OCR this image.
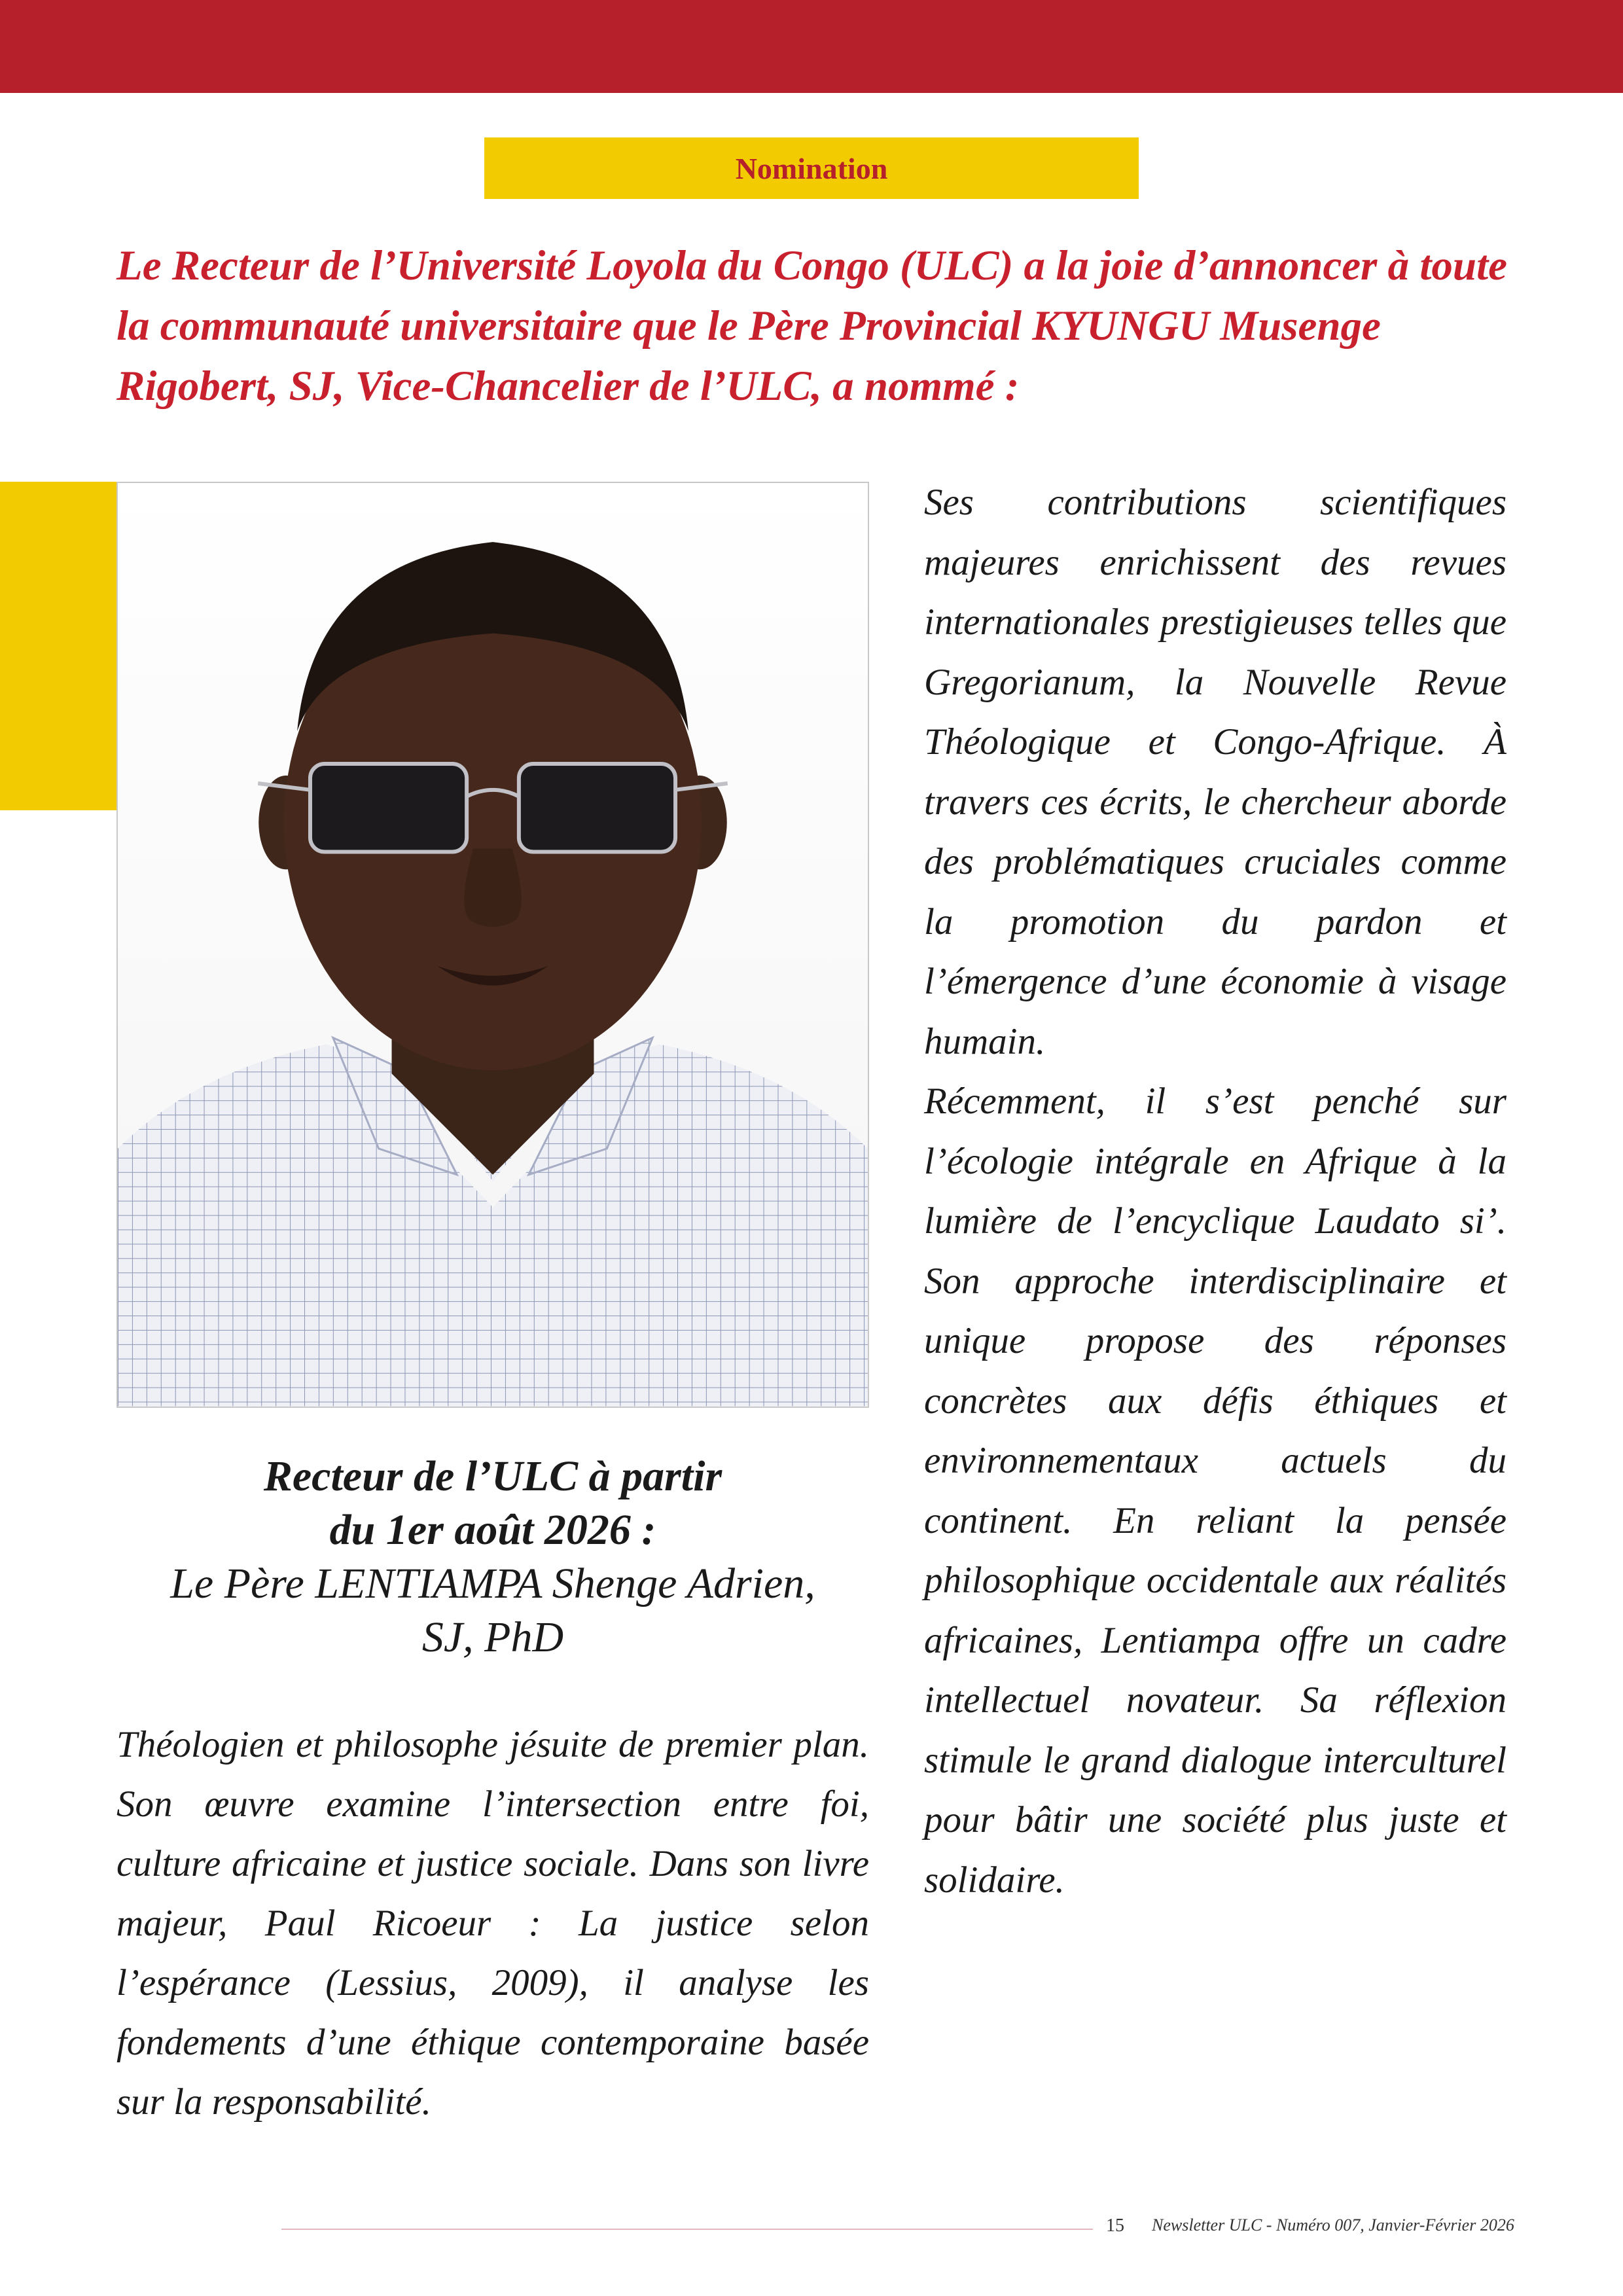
Nomination

Le Recteur de l’Université Loyola du Congo (ULC) a la joie d’annoncer à toute la communauté universitaire que le Père Provincial KYUNGU Musenge Rigobert, SJ, Vice-Chancelier de l’ULC, a nommé :

Recteur de l’ULC à partir
du 1er août 2026 :
Le Père LENTIAMPA Shenge Adrien,
SJ, PhD

Théologien et philosophe jésuite de premier plan. Son œuvre examine l’intersection entre foi, culture africaine et justice sociale. Dans son livre majeur, Paul Ricoeur : La justice selon l’espérance (Lessius, 2009), il analyse les fondements d’une éthique contemporaine basée sur la responsabilité.

Ses contributions scientifiques majeures enrichissent des revues internationales prestigieuses telles que Gregorianum, la Nouvelle Revue Théologique et Congo-Afrique. À travers ces écrits, le chercheur aborde des problématiques cruciales comme la promotion du pardon et l’émergence d’une économie à visage humain.

Récemment, il s’est penché sur l’écologie intégrale en Afrique à la lumière de l’encyclique Laudato si’. Son approche interdisciplinaire et unique propose des réponses concrètes aux défis éthiques et environnementaux actuels du continent. En reliant la pensée philosophique occidentale aux réalités africaines, Lentiampa offre un cadre intellectuel novateur. Sa réflexion stimule le grand dialogue interculturel pour bâtir une société plus juste et solidaire.

15 Newsletter ULC - Numéro 007, Janvier-Février 2026
